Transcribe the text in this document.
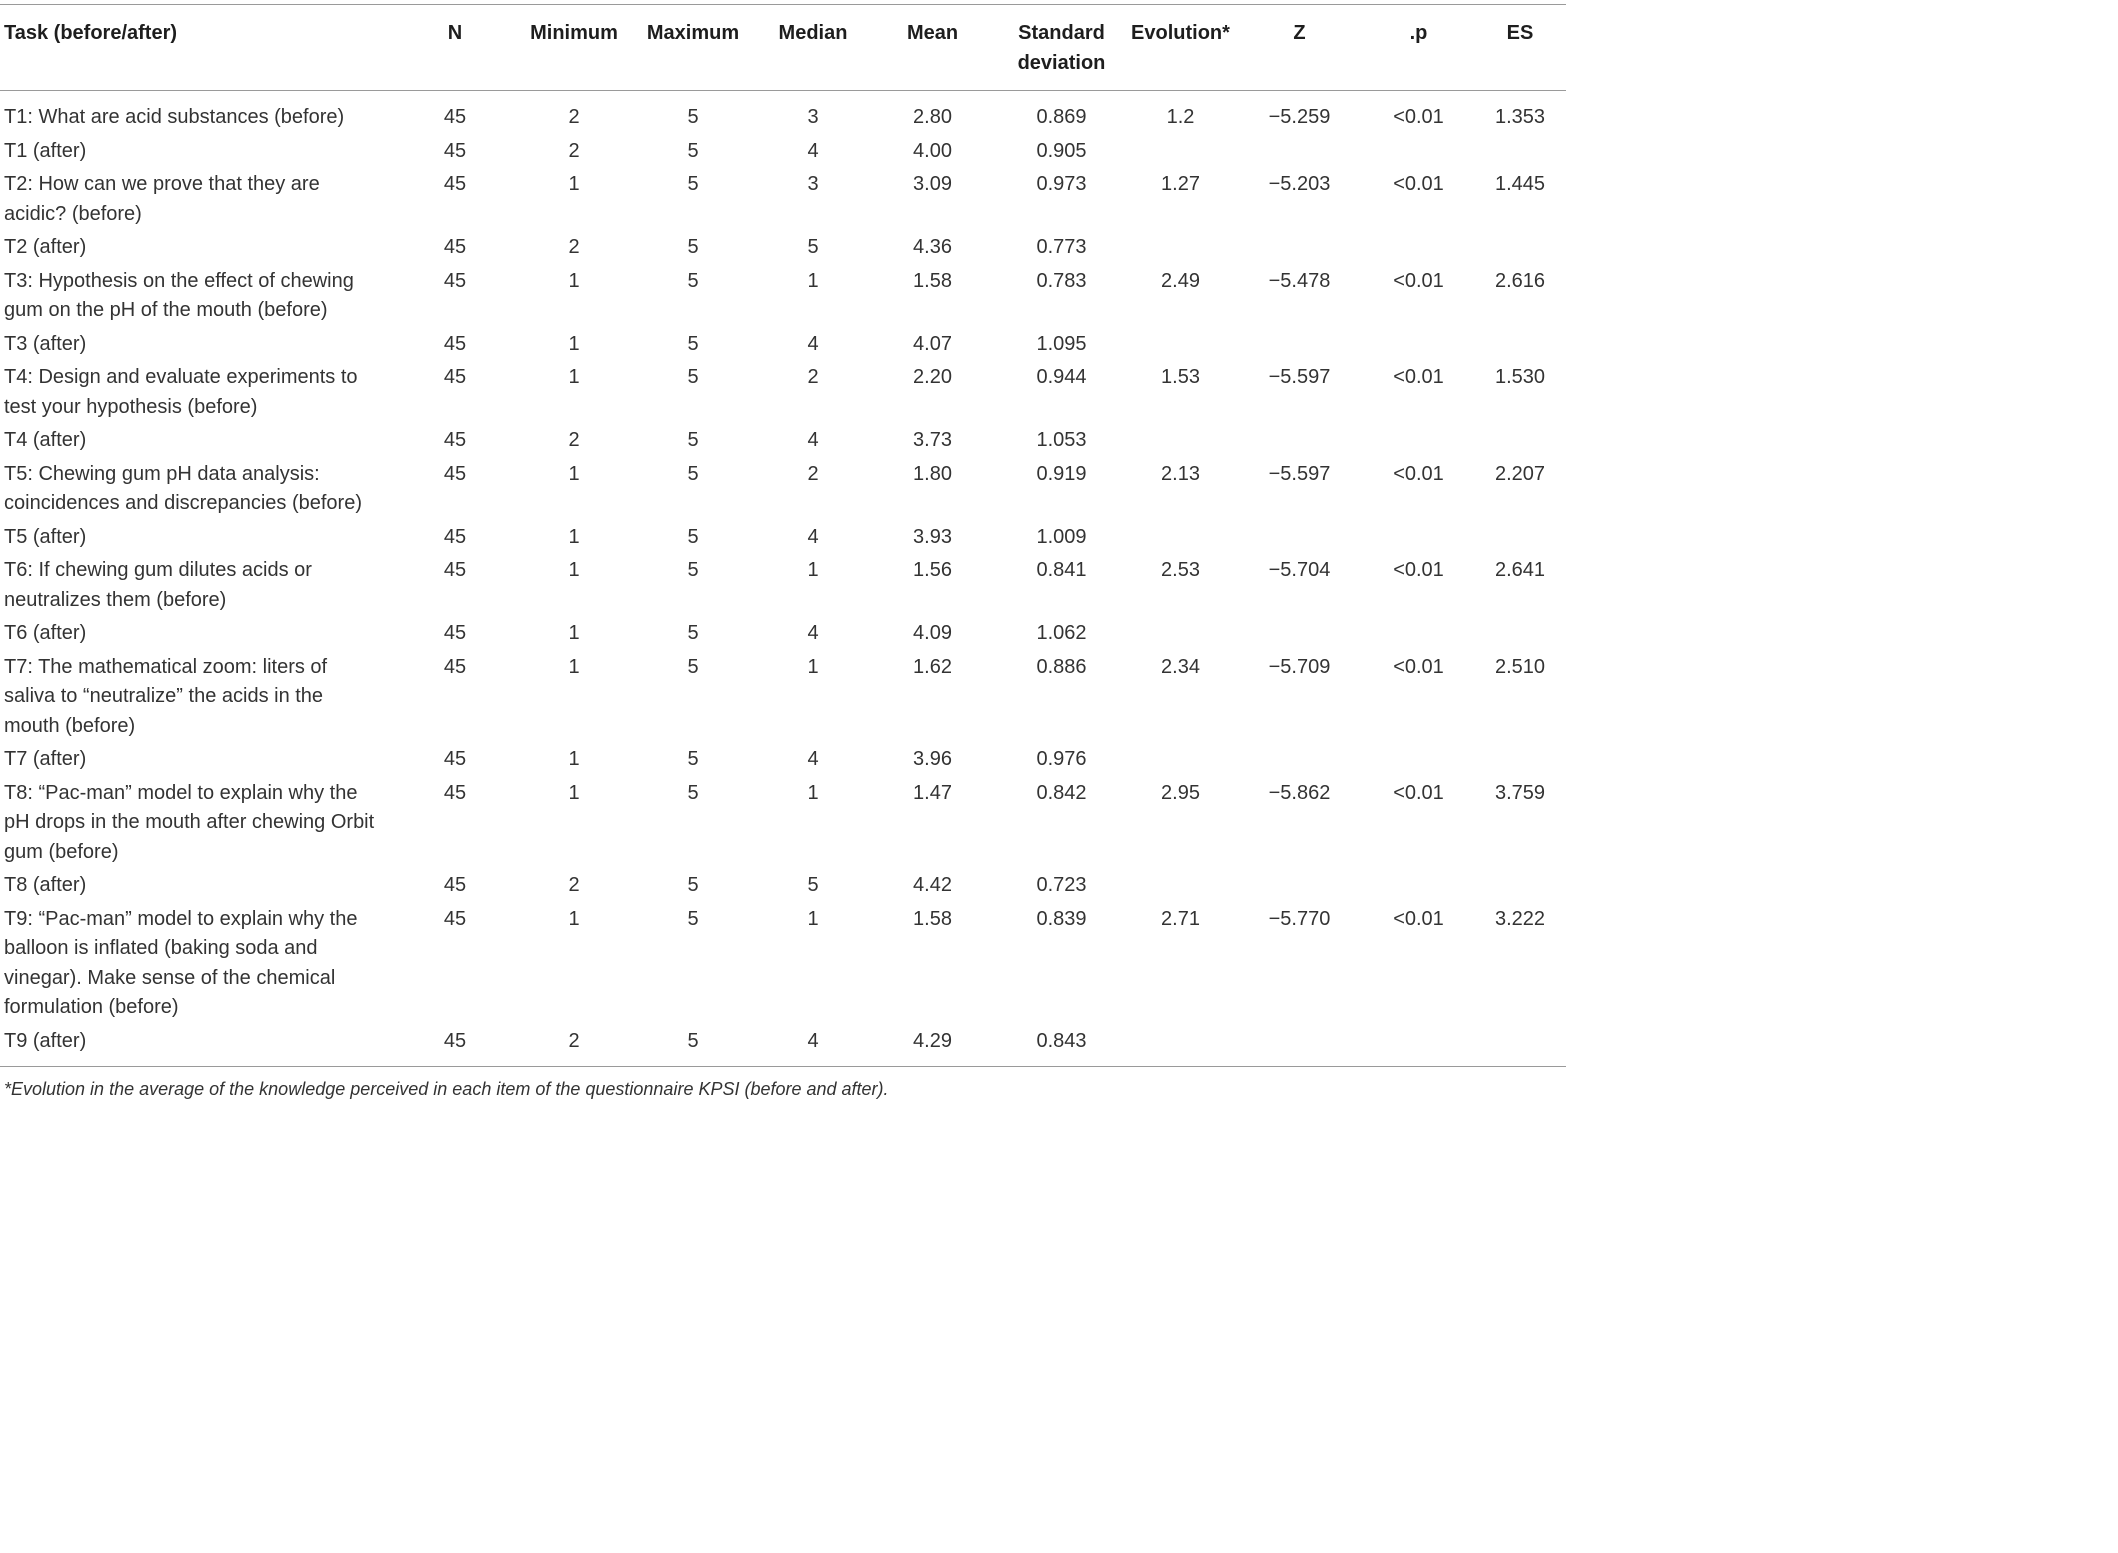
Task (before/after)	N	Minimum	Maximum	Median	Mean	Standard deviation	Evolution*	Z	.p	ES
T1: What are acid substances (before)	45	2	5	3	2.80	0.869	1.2	−5.259	<0.01	1.353
T1 (after)	45	2	5	4	4.00	0.905				
T2: How can we prove that they are acidic? (before)	45	1	5	3	3.09	0.973	1.27	−5.203	<0.01	1.445
T2 (after)	45	2	5	5	4.36	0.773				
T3: Hypothesis on the effect of chewing gum on the pH of the mouth (before)	45	1	5	1	1.58	0.783	2.49	−5.478	<0.01	2.616
T3 (after)	45	1	5	4	4.07	1.095				
T4: Design and evaluate experiments to test your hypothesis (before)	45	1	5	2	2.20	0.944	1.53	−5.597	<0.01	1.530
T4 (after)	45	2	5	4	3.73	1.053				
T5: Chewing gum pH data analysis: coincidences and discrepancies (before)	45	1	5	2	1.80	0.919	2.13	−5.597	<0.01	2.207
T5 (after)	45	1	5	4	3.93	1.009				
T6: If chewing gum dilutes acids or neutralizes them (before)	45	1	5	1	1.56	0.841	2.53	−5.704	<0.01	2.641
T6 (after)	45	1	5	4	4.09	1.062				
T7: The mathematical zoom: liters of saliva to “neutralize” the acids in the mouth (before)	45	1	5	1	1.62	0.886	2.34	−5.709	<0.01	2.510
T7 (after)	45	1	5	4	3.96	0.976				
T8: “Pac-man” model to explain why the pH drops in the mouth after chewing Orbit gum (before)	45	1	5	1	1.47	0.842	2.95	−5.862	<0.01	3.759
T8 (after)	45	2	5	5	4.42	0.723				
T9: “Pac-man” model to explain why the balloon is inflated (baking soda and vinegar). Make sense of the chemical formulation (before)	45	1	5	1	1.58	0.839	2.71	−5.770	<0.01	3.222
T9 (after)	45	2	5	4	4.29	0.843				
*Evolution in the average of the knowledge perceived in each item of the questionnaire KPSI (before and after).										
